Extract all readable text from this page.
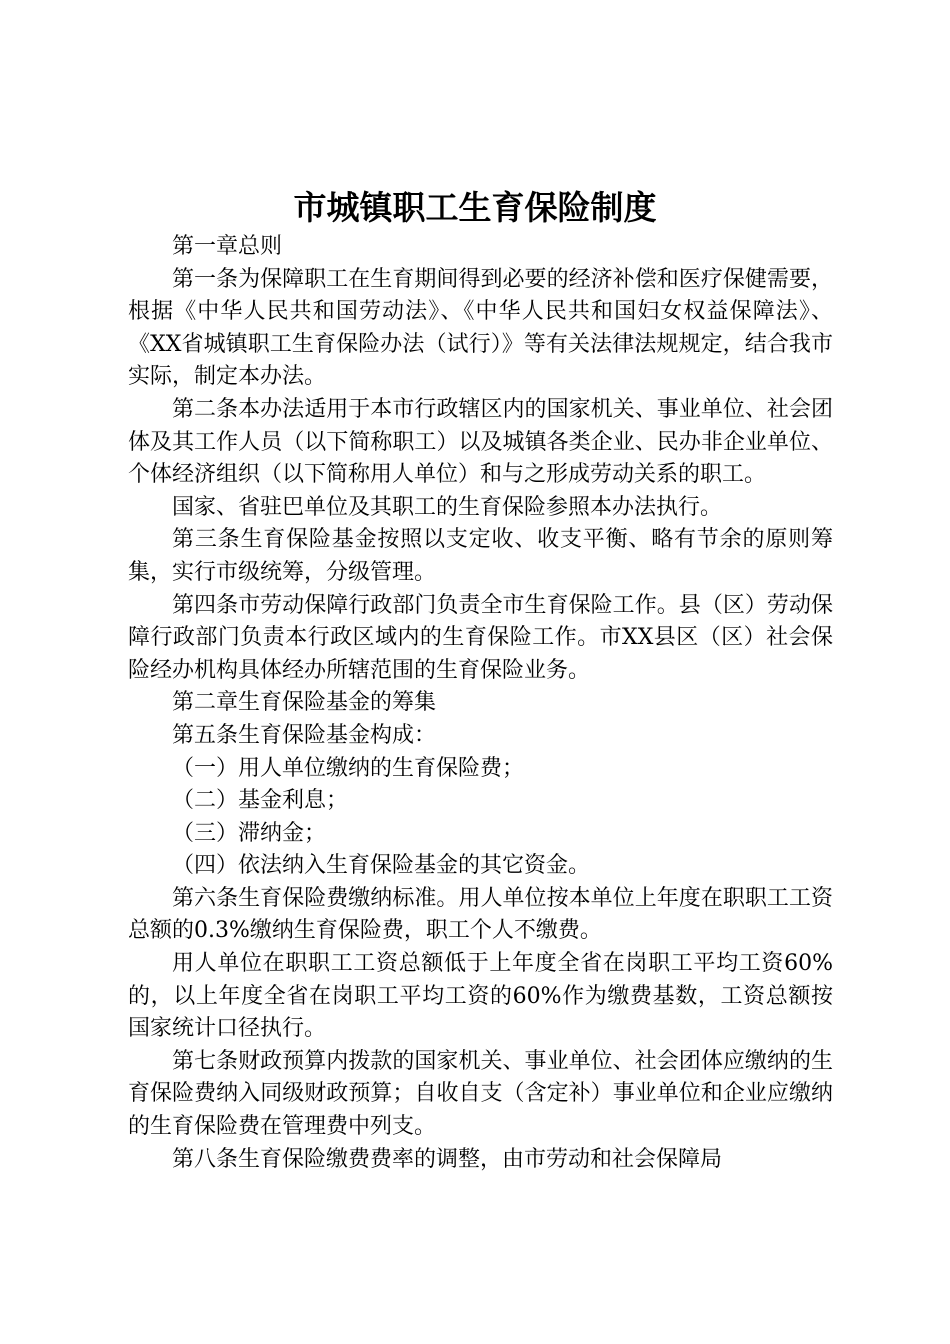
市城镇职工生育保险制度

第一章总则

第一条为保障职工在生育期间得到必要的经济补偿和医疗保健需要，根据《中华人民共和国劳动法》、《中华人民共和国妇女权益保障法》、《XX省城镇职工生育保险办法（试行）》等有关法律法规规定，结合我市实际，制定本办法。

第二条本办法适用于本市行政辖区内的国家机关、事业单位、社会团体及其工作人员（以下简称职工）以及城镇各类企业、民办非企业单位、个体经济组织（以下简称用人单位）和与之形成劳动关系的职工。

国家、省驻巴单位及其职工的生育保险参照本办法执行。

第三条生育保险基金按照以支定收、收支平衡、略有节余的原则筹集，实行市级统筹，分级管理。

第四条市劳动保障行政部门负责全市生育保险工作。县（区）劳动保障行政部门负责本行政区域内的生育保险工作。市XX县区（区）社会保险经办机构具体经办所辖范围的生育保险业务。

第二章生育保险基金的筹集

第五条生育保险基金构成：

（一）用人单位缴纳的生育保险费；

（二）基金利息；

（三）滞纳金；

（四）依法纳入生育保险基金的其它资金。

第六条生育保险费缴纳标准。用人单位按本单位上年度在职职工工资总额的0.3%缴纳生育保险费，职工个人不缴费。

用人单位在职职工工资总额低于上年度全省在岗职工平均工资60%的，以上年度全省在岗职工平均工资的60%作为缴费基数，工资总额按国家统计口径执行。

第七条财政预算内拨款的国家机关、事业单位、社会团体应缴纳的生育保险费纳入同级财政预算；自收自支（含定补）事业单位和企业应缴纳的生育保险费在管理费中列支。

第八条生育保险缴费费率的调整，由市劳动和社会保障局
